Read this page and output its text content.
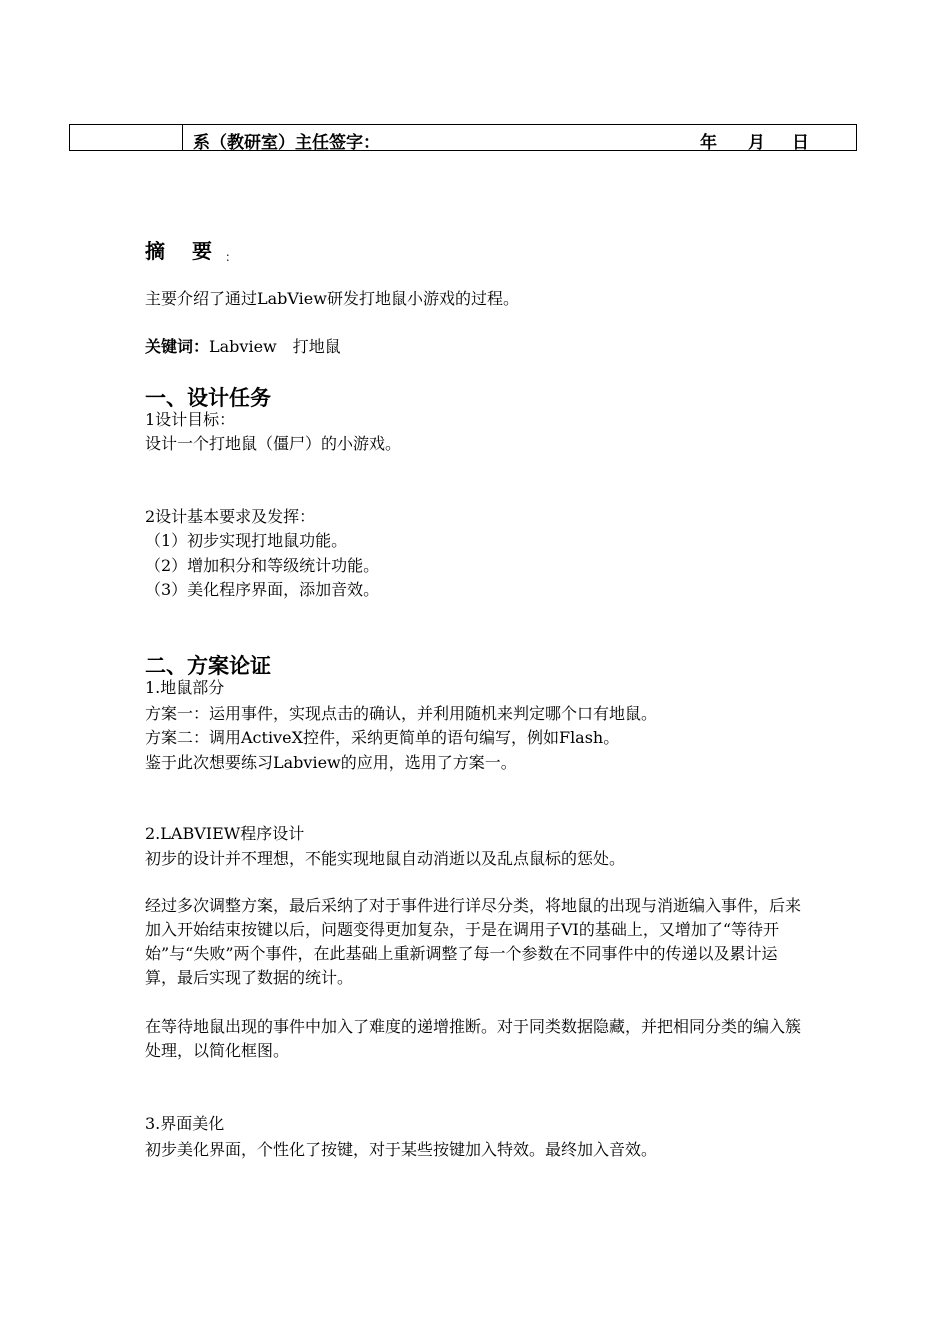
系（教研室）主任签字：	年 月 日
摘 要 ：
主要介绍了通过LabView研发打地鼠小游戏的过程。
关键词：Labview　打地鼠
一、设计任务
1设计目标：
设计一个打地鼠（僵尸）的小游戏。
2设计基本要求及发挥：
（1）初步实现打地鼠功能。
（2）增加积分和等级统计功能。
（3）美化程序界面，添加音效。
二、方案论证
1.地鼠部分
方案一：运用事件，实现点击的确认，并利用随机来判定哪个口有地鼠。
方案二：调用ActiveX控件，采纳更简单的语句编写，例如Flash。
鉴于此次想要练习Labview的应用，选用了方案一。
2.LABVIEW程序设计
初步的设计并不理想，不能实现地鼠自动消逝以及乱点鼠标的惩处。
经过多次调整方案，最后采纳了对于事件进行详尽分类，将地鼠的出现与消逝编入事件，后来加入开始结束按键以后，问题变得更加复杂，于是在调用子VI的基础上，又增加了“等待开始”与“失败”两个事件，在此基础上重新调整了每一个参数在不同事件中的传递以及累计运算，最后实现了数据的统计。
在等待地鼠出现的事件中加入了难度的递增推断。对于同类数据隐藏，并把相同分类的编入簇处理，以简化框图。
3.界面美化
初步美化界面，个性化了按键，对于某些按键加入特效。最终加入音效。
